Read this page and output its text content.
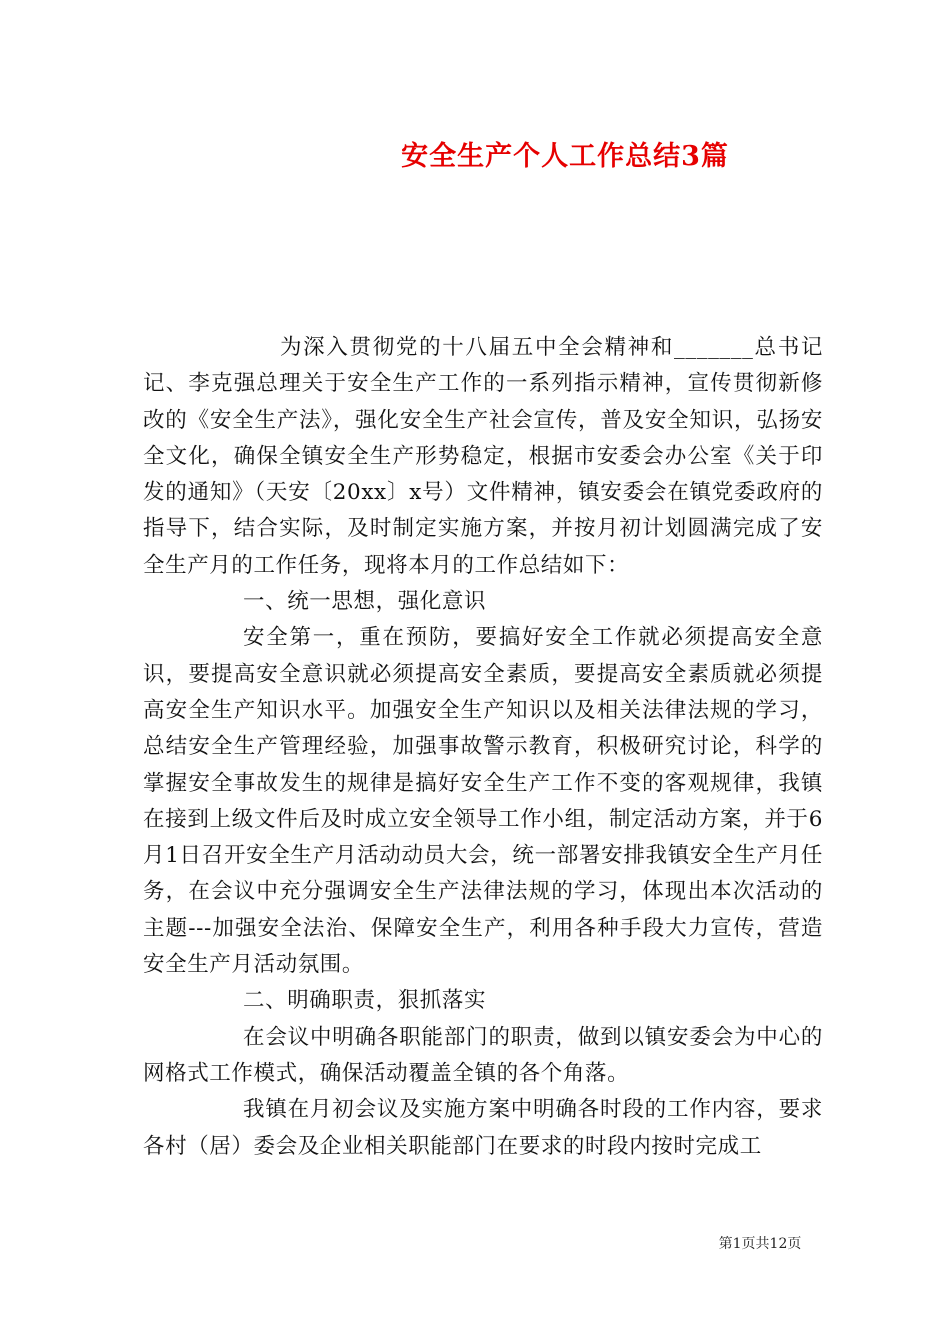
安全生产个人工作总结3篇

为深入贯彻党的十八届五中全会精神和_______总书记记、李克强总理关于安全生产工作的一系列指示精神，宣传贯彻新修改的《安全生产法》，强化安全生产社会宣传，普及安全知识，弘扬安全文化，确保全镇安全生产形势稳定，根据市安委会办公室《关于印发的通知》（天安〔20xx〕x号）文件精神，镇安委会在镇党委政府的指导下，结合实际，及时制定实施方案，并按月初计划圆满完成了安全生产月的工作任务，现将本月的工作总结如下：

一、统一思想，强化意识

安全第一，重在预防，要搞好安全工作就必须提高安全意识，要提高安全意识就必须提高安全素质，要提高安全素质就必须提高安全生产知识水平。加强安全生产知识以及相关法律法规的学习，总结安全生产管理经验，加强事故警示教育，积极研究讨论，科学的掌握安全事故发生的规律是搞好安全生产工作不变的客观规律，我镇在接到上级文件后及时成立安全领导工作小组，制定活动方案，并于6月1日召开安全生产月活动动员大会，统一部署安排我镇安全生产月任务，在会议中充分强调安全生产法律法规的学习，体现出本次活动的主题---加强安全法治、保障安全生产，利用各种手段大力宣传，营造安全生产月活动氛围。

二、明确职责，狠抓落实

在会议中明确各职能部门的职责，做到以镇安委会为中心的网格式工作模式，确保活动覆盖全镇的各个角落。

我镇在月初会议及实施方案中明确各时段的工作内容，要求各村（居）委会及企业相关职能部门在要求的时段内按时完成工

第1页共12页
